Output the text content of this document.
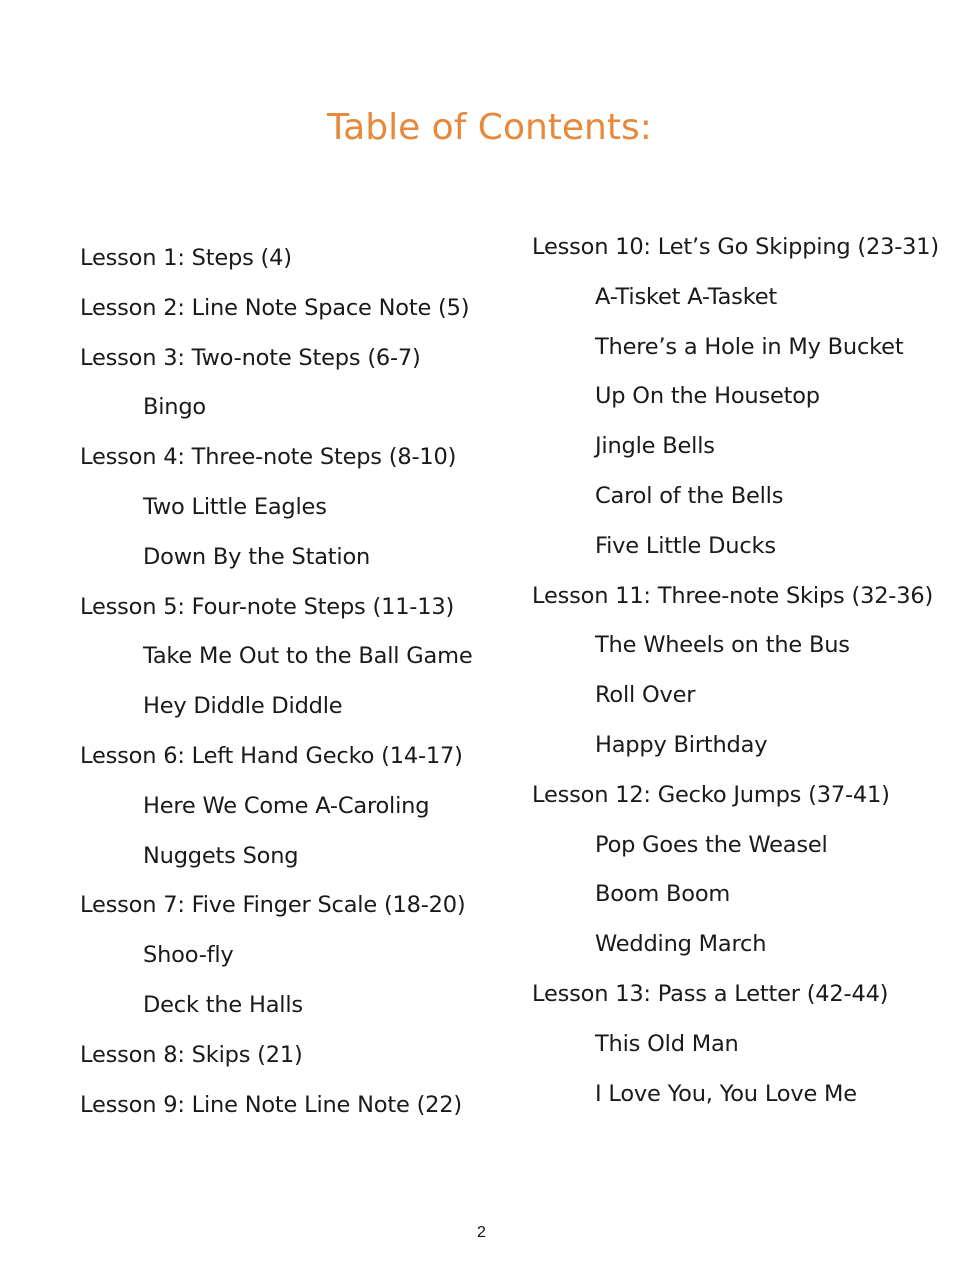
Table of Contents:
Lesson 1: Steps (4)
Lesson 2: Line Note Space Note (5)
Lesson 3: Two-note Steps (6-7)
Bingo
Lesson 4: Three-note Steps (8-10)
Two Little Eagles
Down By the Station
Lesson 5: Four-note Steps (11-13)
Take Me Out to the Ball Game
Hey Diddle Diddle
Lesson 6: Left Hand Gecko (14-17)
Here We Come A-Caroling
Nuggets Song
Lesson 7: Five Finger Scale (18-20)
Shoo-fly
Deck the Halls
Lesson 8: Skips (21)
Lesson 9: Line Note Line Note (22)
Lesson 10: Let’s Go Skipping (23-31)
A-Tisket A-Tasket
There’s a Hole in My Bucket
Up On the Housetop
Jingle Bells
Carol of the Bells
Five Little Ducks
Lesson 11: Three-note Skips (32-36)
The Wheels on the Bus
Roll Over
Happy Birthday
Lesson 12: Gecko Jumps (37-41)
Pop Goes the Weasel
Boom Boom
Wedding March
Lesson 13: Pass a Letter (42-44)
This Old Man
I Love You, You Love Me
2
